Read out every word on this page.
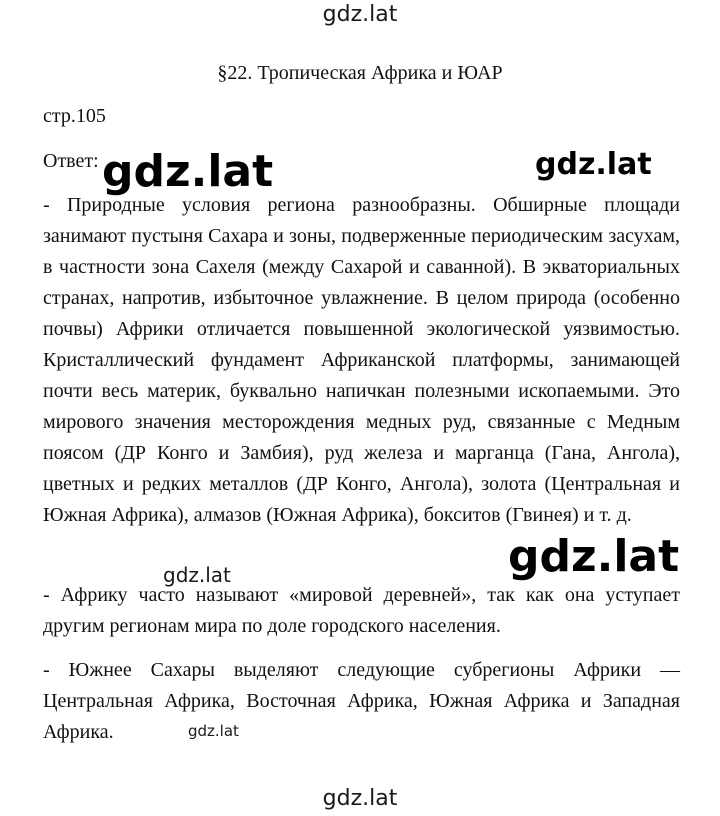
§22. Тропическая Африка и ЮАР
стр.105
Ответ:

- Природные условия региона разнообразны. Обширные площади занимают пустыня Сахара и зоны, подверженные периодическим засухам, в частности зона Сахеля (между Сахарой и саванной). В экваториальных странах, напротив, избыточное увлажнение. В целом природа (особенно почвы) Африки отличается повышенной экологической уязвимостью. Кристаллический фундамент Африканской платформы, занимающей почти весь материк, буквально напичкан полезными ископаемыми. Это мирового значения месторождения медных руд, связанные с Медным поясом (ДР Конго и Замбия), руд железа и марганца (Гана, Ангола), цветных и редких металлов (ДР Конго, Ангола), золота (Центральная и Южная Африка), алмазов (Южная Африка), бокситов (Гвинея) и т. д.

- Африку часто называют «мировой деревней», так как она уступает другим регионам мира по доле городского населения.

- Южнее Сахары выделяют следующие субрегионы Африки — Центральная Африка, Восточная Африка, Южная Африка и Западная Африка.

gdz.lat
gdz.lat	gdz.lat
gdz.lat
gdz.lat
gdz.lat
gdz.lat
